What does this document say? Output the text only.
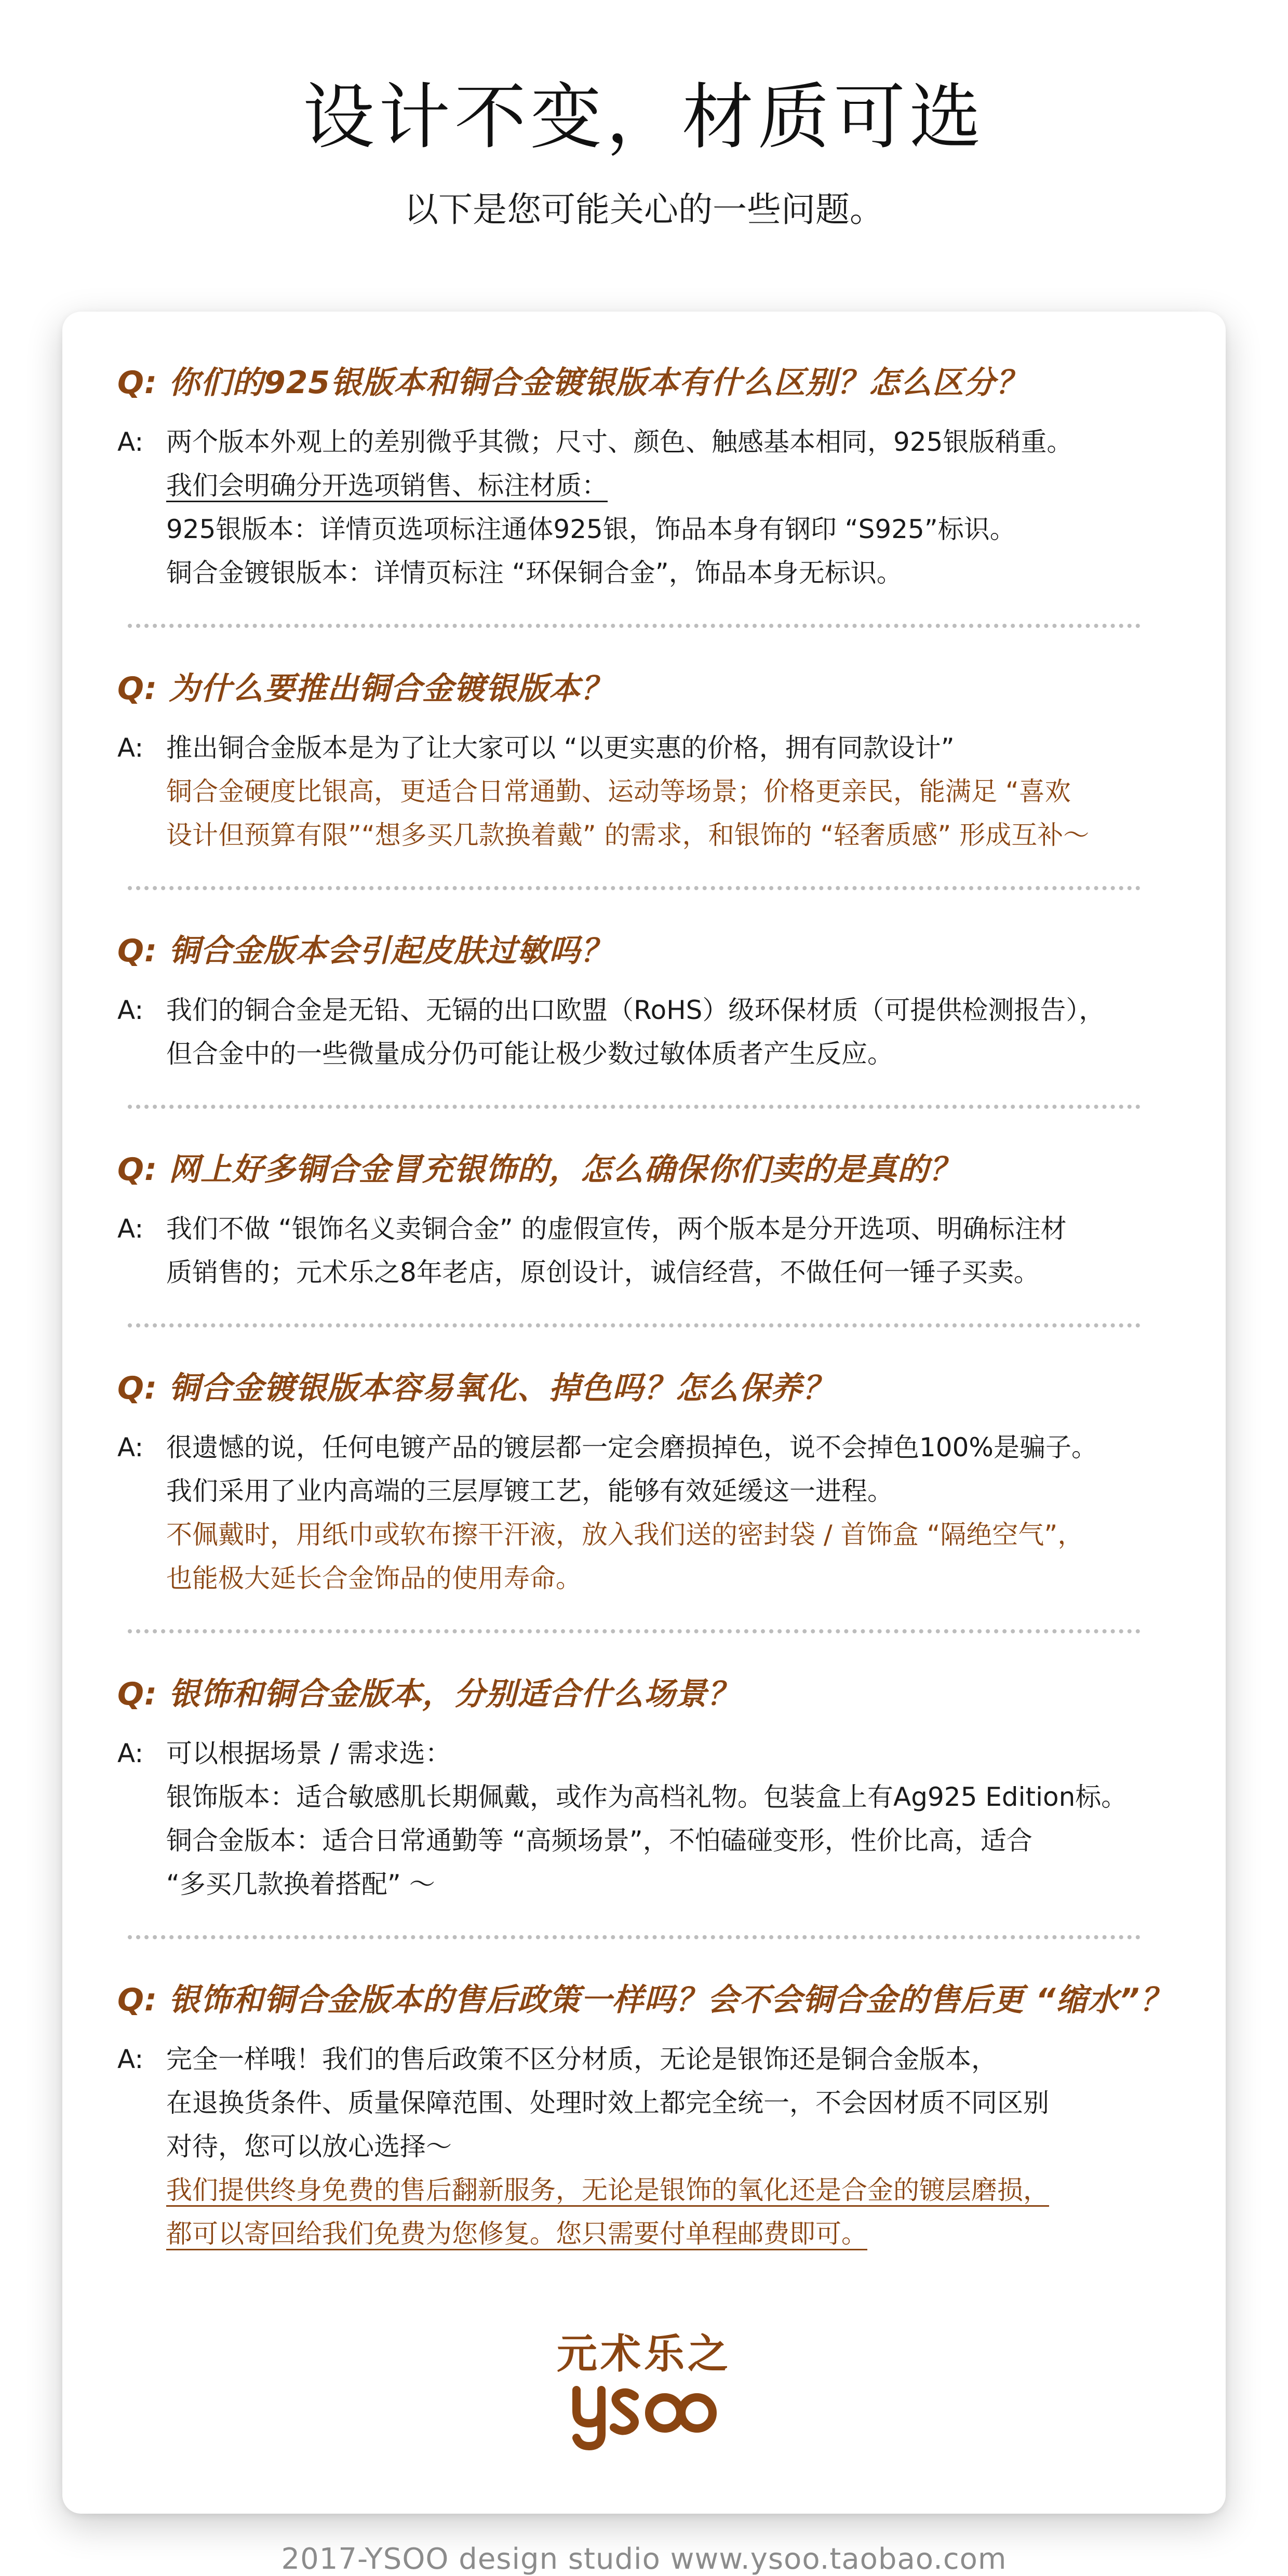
设计不变，材质可选
以下是您可能关心的一些问题。
Q: 你们的925银版本和铜合金镀银版本有什么区别？怎么区分？
A: 两个版本外观上的差别微乎其微；尺寸、颜色、触感基本相同，925银版稍重。

我们会明确分开选项销售、标注材质：

925银版本：详情页选项标注通体925银，饰品本身有钢印 “S925”标识。

铜合金镀银版本：详情页标注 “环保铜合金”，饰品本身无标识。

Q: 为什么要推出铜合金镀银版本？
A: 推出铜合金版本是为了让大家可以 “以更实惠的价格，拥有同款设计”

铜合金硬度比银高，更适合日常通勤、运动等场景；价格更亲民，能满足 “喜欢

设计但预算有限”“想多买几款换着戴” 的需求，和银饰的 “轻奢质感” 形成互补～

Q: 铜合金版本会引起皮肤过敏吗？
A: 我们的铜合金是无铅、无镉的出口欧盟（RoHS）级环保材质（可提供检测报告），

但合金中的一些微量成分仍可能让极少数过敏体质者产生反应。

Q: 网上好多铜合金冒充银饰的，怎么确保你们卖的是真的？
A: 我们不做 “银饰名义卖铜合金” 的虚假宣传，两个版本是分开选项、明确标注材

质销售的；元术乐之8年老店，原创设计，诚信经营，不做任何一锤子买卖。

Q: 铜合金镀银版本容易氧化、掉色吗？怎么保养？
A: 很遗憾的说，任何电镀产品的镀层都一定会磨损掉色，说不会掉色100%是骗子。

我们采用了业内高端的三层厚镀工艺，能够有效延缓这一进程。

不佩戴时，用纸巾或软布擦干汗液，放入我们送的密封袋 / 首饰盒 “隔绝空气”，

也能极大延长合金饰品的使用寿命。

Q: 银饰和铜合金版本，分别适合什么场景？
A: 可以根据场景 / 需求选：

银饰版本：适合敏感肌长期佩戴，或作为高档礼物。包装盒上有Ag925 Edition标。

铜合金版本：适合日常通勤等 “高频场景”，不怕磕碰变形，性价比高，适合

“多买几款换着搭配” ～

Q: 银饰和铜合金版本的售后政策一样吗？会不会铜合金的售后更 “缩水”？
A: 完全一样哦！我们的售后政策不区分材质，无论是银饰还是铜合金版本，

在退换货条件、质量保障范围、处理时效上都完全统一，不会因材质不同区别

对待，您可以放心选择～

我们提供终身免费的售后翻新服务，无论是银饰的氧化还是合金的镀层磨损，

都可以寄回给我们免费为您修复。您只需要付单程邮费即可。

元术乐之
2017-YSOO design studio www.ysoo.taobao.com
